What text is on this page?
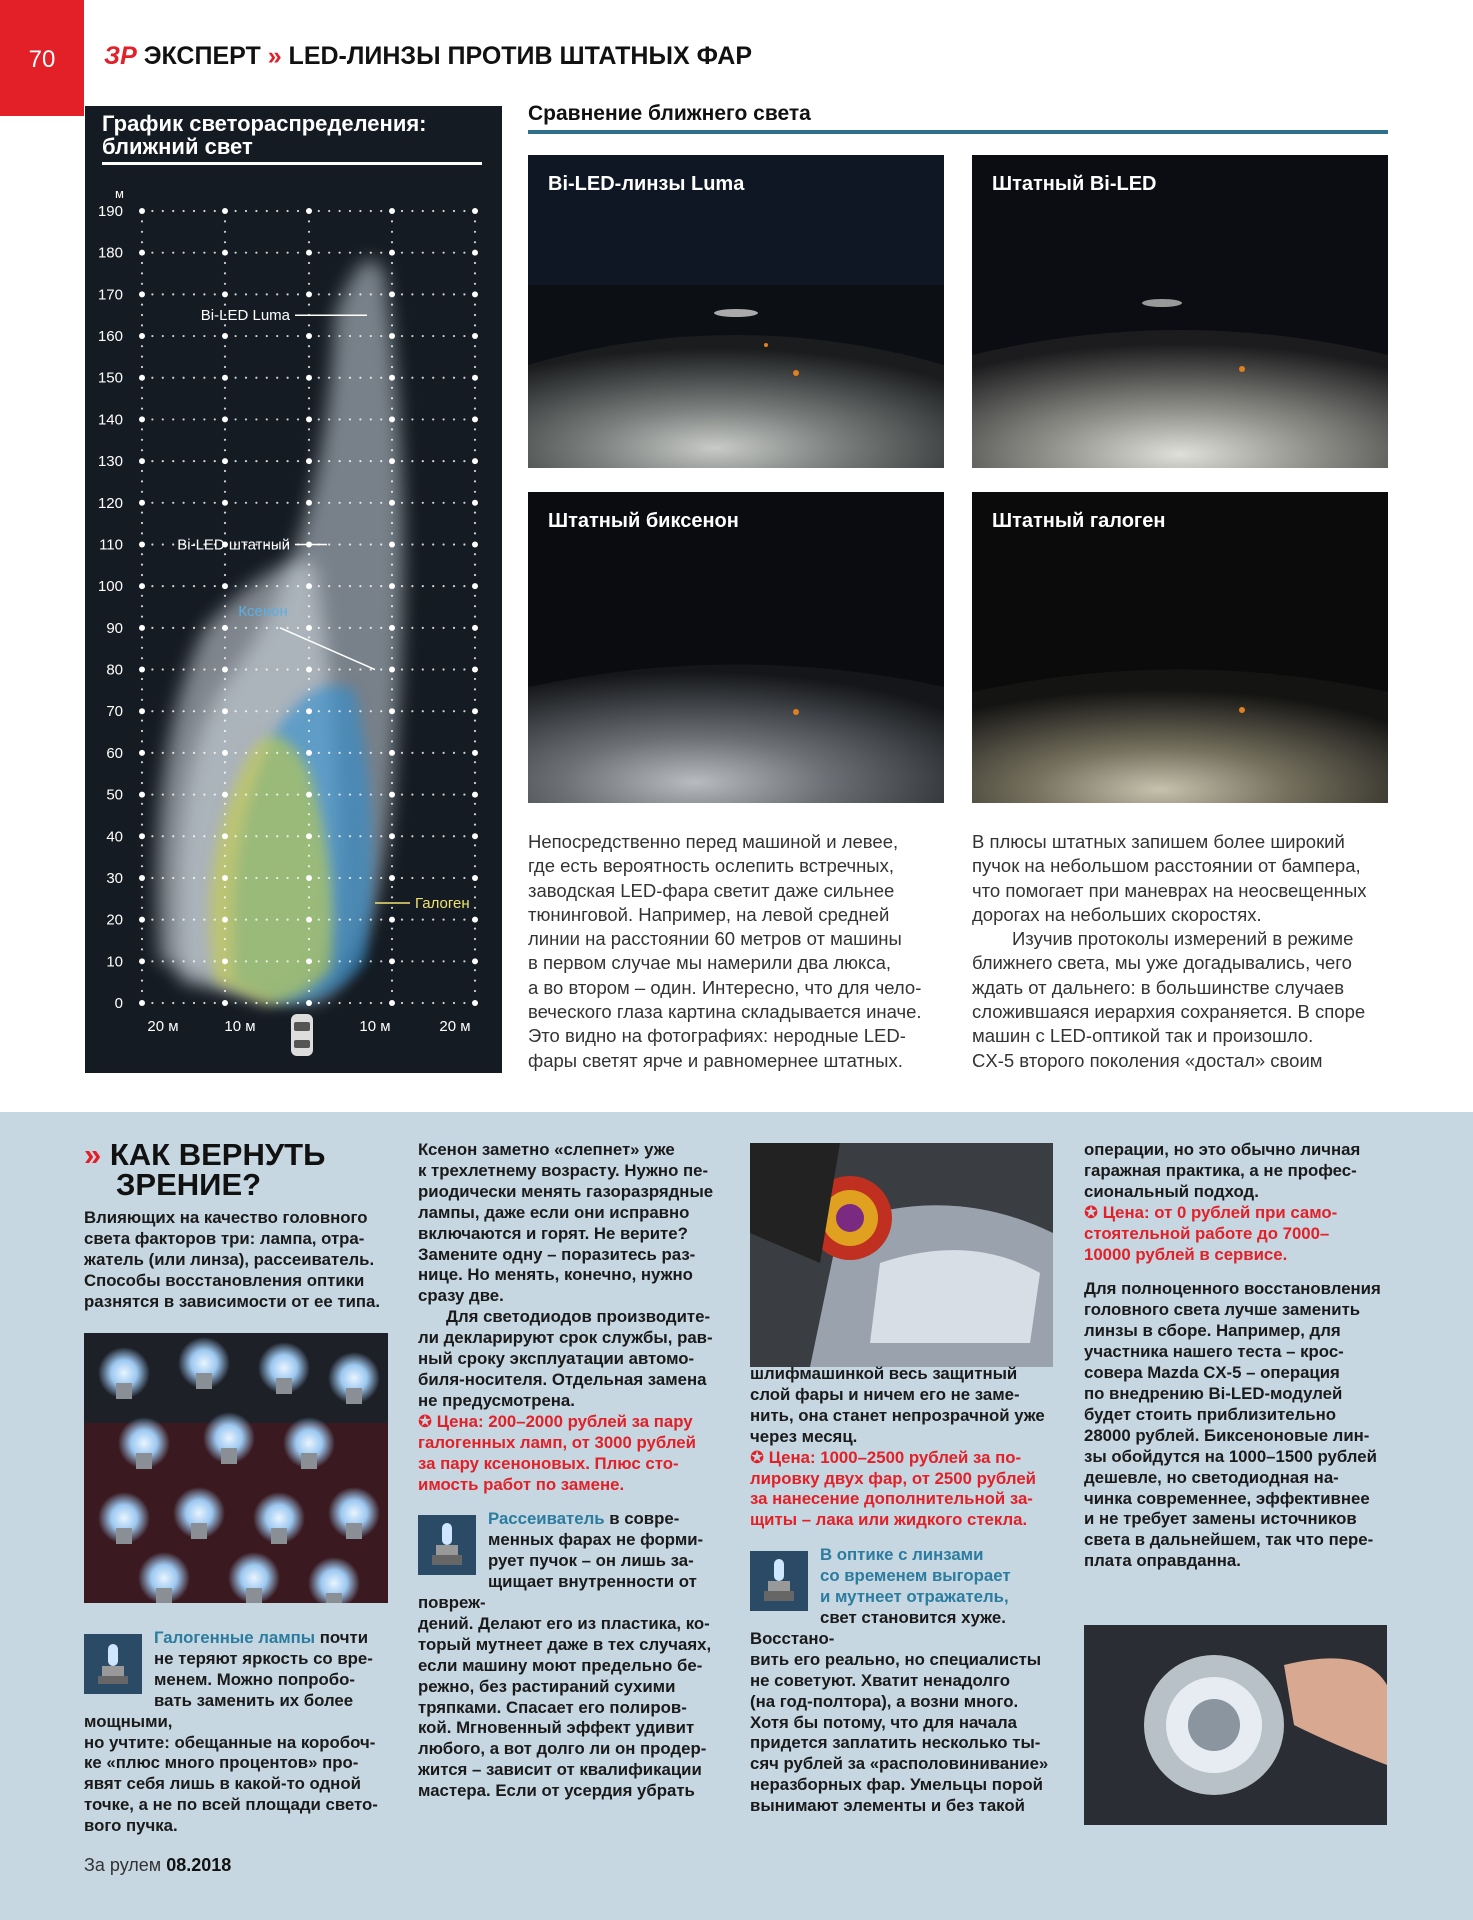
70	ЗР ЭКСПЕРТ » LED-ЛИНЗЫ ПРОТИВ ШТАТНЫХ ФАР
190
180
170
160
150
140
130
120
110
100
90
80
70
60
50
40
30
20
10
0
20 м	10 м	10 м	20 м
Bi-LED Luma
Bi-LED штатный
Ксенон
Галоген
м
График светораспределения: ближний свет
Сравнение ближнего света
Bi-LED-линзы Luma	Штатный Bi-LED
Штатный биксенон	Штатный галоген

Непосредственно перед машиной и левее,

где есть вероятность ослепить встречных,

заводская LED-фара светит даже сильнее

тюнинговой. Например, на левой средней

линии на расстоянии 60 метров от машины

в первом случае мы намерили два люкса,

а во втором – один. Интересно, что для чело-

веческого глаза картина складывается иначе.

Это видно на фотографиях: неродные LED-

фары светят ярче и равномернее штатных.

В плюсы штатных запишем более широкий

пучок на небольшом расстоянии от бампера,

что помогает при маневрах на неосвещенных

дорогах на небольших скоростях.

Изучив протоколы измерений в режиме

ближнего света, мы уже догадывались, чего

ждать от дальнего: в большинстве случаев

сложившаяся иерархия сохраняется. В споре

машин с LED-оптикой так и произошло.

CX-5 второго поколения «достал» своим

» КАК ВЕРНУТЬ
ЗРЕНИЕ?

Влияющих на качество головного

света факторов три: лампа, отра-

жатель (или линза), рассеиватель.

Способы восстановления оптики

разнятся в зависимости от ее типа.

Галогенные лампы почти

не теряют яркость со вре-

менем. Можно попробо-

вать заменить их более мощными,

но учтите: обещанные на коробоч-

ке «плюс много процентов» про-

явят себя лишь в какой-то одной

точке, а не по всей площади свето-

вого пучка.

Ксенон заметно «слепнет» уже

к трехлетнему возрасту. Нужно пе-

риодически менять газоразрядные

лампы, даже если они исправно

включаются и горят. Не верите?

Замените одну – поразитесь раз-

нице. Но менять, конечно, нужно

сразу две.

Для светодиодов производите-

ли декларируют срок службы, рав-

ный сроку эксплуатации автомо-

биля-носителя. Отдельная замена

не предусмотрена.

✪ Цена: 200–2000 рублей за пару

галогенных ламп, от 3000 рублей

за пару ксеноновых. Плюс сто-

имость работ по замене.

Рассеиватель в совре-

менных фарах не форми-

рует пучок – он лишь за-

щищает внутренности от повреж-

дений. Делают его из пластика, ко-

торый мутнеет даже в тех случаях,

если машину моют предельно бе-

режно, без растираний сухими

тряпками. Спасает его полиров-

кой. Мгновенный эффект удивит

любого, а вот долго ли он продер-

жится – зависит от квалификации

мастера. Если от усердия убрать

шлифмашинкой весь защитный

слой фары и ничем его не заме-

нить, она станет непрозрачной уже

через месяц.

✪ Цена: 1000–2500 рублей за по-

лировку двух фар, от 2500 рублей

за нанесение дополнительной за-

щиты – лака или жидкого стекла.

В оптике с линзами

со временем выгорает

и мутнеет отражатель,

свет становится хуже. Восстано-

вить его реально, но специалисты

не советуют. Хватит ненадолго

(на год-полтора), а возни много.

Хотя бы потому, что для начала

придется заплатить несколько ты-

сяч рублей за «располовинивание»

неразборных фар. Умельцы порой

вынимают элементы и без такой

операции, но это обычно личная

гаражная практика, а не профес-

сиональный подход.

✪ Цена: от 0 рублей при само-

стоятельной работе до 7000–

10000 рублей в сервисе.

Для полноценного восстановления

головного света лучше заменить

линзы в сборе. Например, для

участника нашего теста – крос-

совера Mazda CX-5 – операция

по внедрению Bi-LED-модулей

будет стоить приблизительно

28000 рублей. Биксеноновые лин-

зы обойдутся на 1000–1500 рублей

дешевле, но светодиодная на-

чинка современнее, эффективнее

и не требует замены источников

света в дальнейшем, так что пере-

плата оправданна.

За рулем 08.2018
